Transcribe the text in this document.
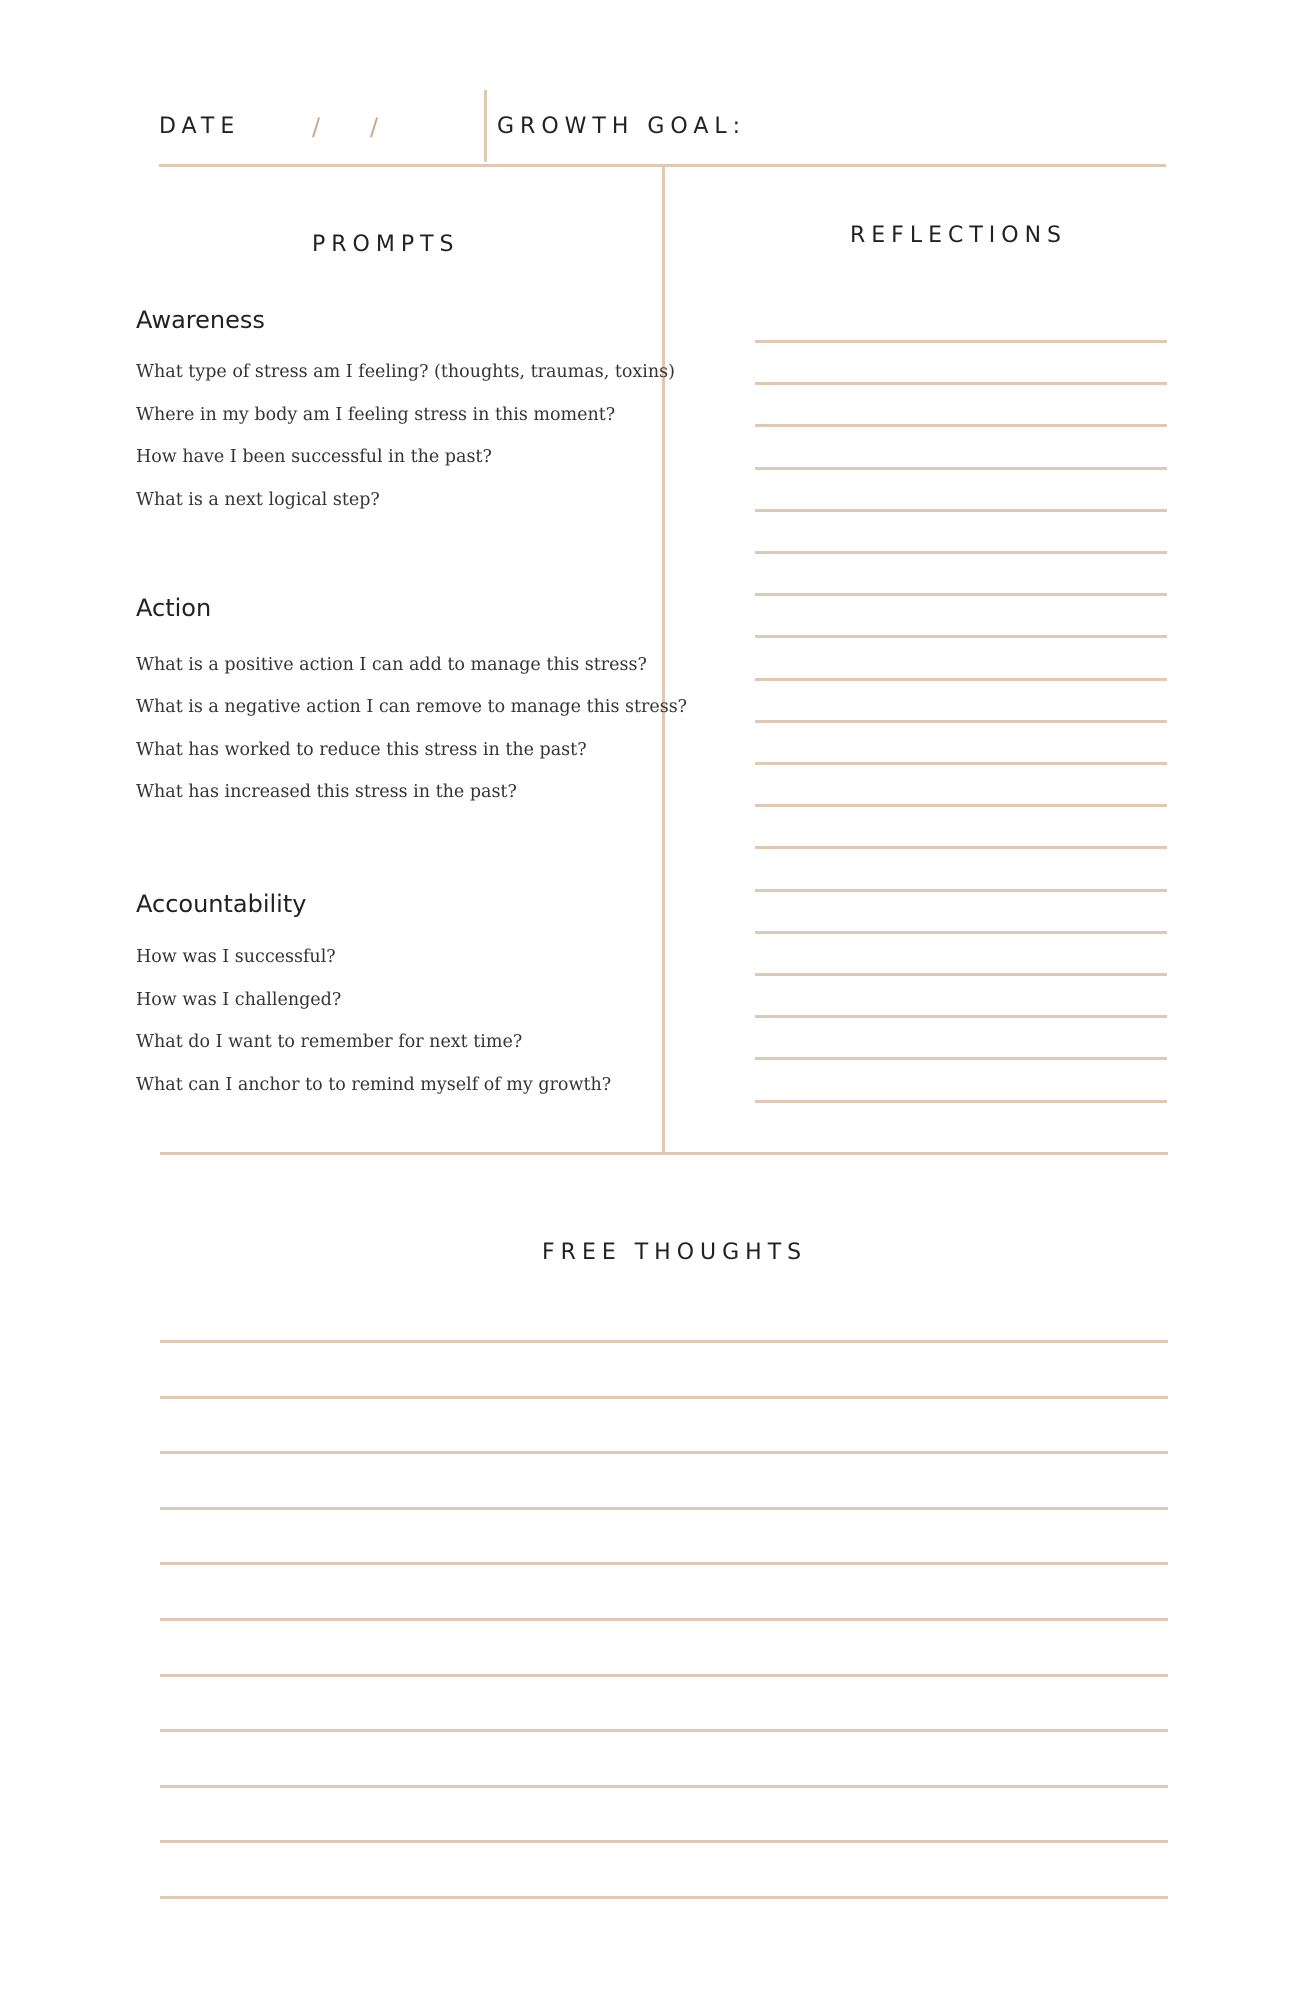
DATE	/ /	GROWTH GOAL:
PROMPTS
Awareness
What type of stress am I feeling? (thoughts, traumas, toxins)
Where in my body am I feeling stress in this moment?
How have I been successful in the past?
What is a next logical step?
Action
What is a positive action I can add to manage this stress?
What is a negative action I can remove to manage this stress?
What has worked to reduce this stress in the past?
What has increased this stress in the past?
Accountability
How was I successful?
How was I challenged?
What do I want to remember for next time?
What can I anchor to to remind myself of my growth?
REFLECTIONS
FREE THOUGHTS
